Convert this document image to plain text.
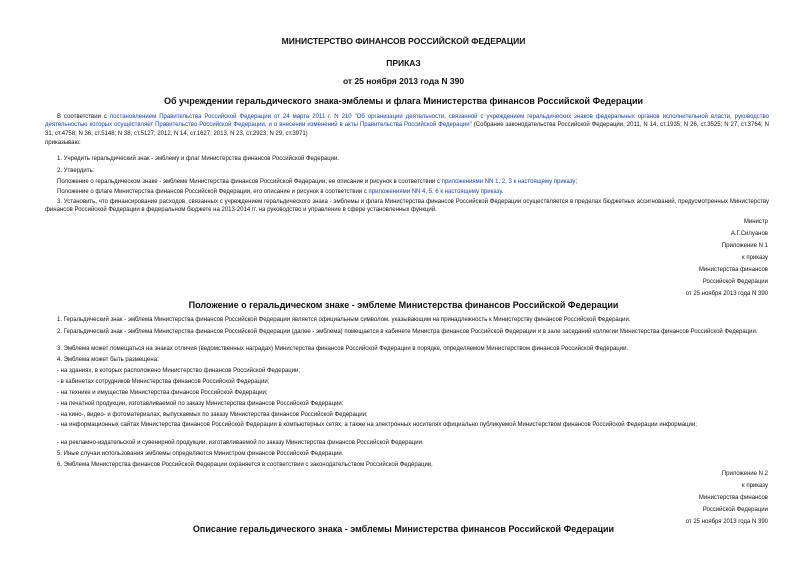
МИНИСТЕРСТВО ФИНАНСОВ РОССИЙСКОЙ ФЕДЕРАЦИИ
ПРИКАЗ
от 25 ноября 2013 года N 390
Об учреждении геральдического знака-эмблемы и флага Министерства финансов Российской Федерации
В соответствии с постановлением Правительства Российской Федерации от 24 марта 2011 г. N 210 "Об организации деятельности, связанной с учреждением геральдических знаков федеральных органов исполнительной власти, руководство деятельностью которых осуществляет Правительство Российской Федерации, и о внесении изменений в акты Правительства Российской Федерации" (Собрание законодательства Российской Федерации, 2011, N 14, ст.1935; N 26, ст.3525; N 27, ст.3764; N 31, ст.4758; N 36, ст.5148; N 38, ст.5127; 2012, N 14, ст.1627; 2013, N 23, ст.2923; N 29, ст.3971)
приказываю:
1. Учредить геральдический знак - эмблему и флаг Министерства финансов Российской Федерации.
2. Утвердить:
Положение о геральдическом знаке - эмблеме Министерства финансов Российской Федерации, ее описание и рисунок в соответствии с приложениями NN 1, 2, 3 к настоящему приказу;
Положение о флаге Министерства финансов Российской Федерации, его описание и рисунок в соответствии с приложениями NN 4, 5, 6 к настоящему приказу.
3. Установить, что финансирование расходов, связанных с учреждением геральдического знака - эмблемы и флага Министерства финансов Российской Федерации осуществляется в пределах бюджетных ассигнований, предусмотренных Министерству финансов Российской Федерации в федеральном бюджете на 2013-2014 гг. на руководство и управление в сфере установленных функций.
Министр
А.Г.Силуанов
Приложение N 1
к приказу
Министерства финансов
Российской Федерации
от 25 ноября 2013 года N 390
Положение о геральдическом знаке - эмблеме Министерства финансов Российской Федерации
1. Геральдический знак - эмблема Министерства финансов Российской Федерации является официальным символом, указывающим на принадлежность к Министерству финансов Российской Федерации.
2. Геральдический знак - эмблема Министерства финансов Российской Федерации (далее - эмблема) помещается в кабинете Министра финансов Российской Федерации и в зале заседаний коллегии Министерства финансов Российской Федерации.
3. Эмблема может помещаться на знаках отличия (ведомственных наградах) Министерства финансов Российской Федерации в порядке, определяемом Министерством финансов Российской Федерации.
4. Эмблема может быть размещена:
- на зданиях, в которых расположено Министерство финансов Российской Федерации;
- в кабинетах сотрудников Министерства финансов Российской Федерации;
- на технике и имуществе Министерства финансов Российской Федерации;
- на печатной продукции, изготавливаемой по заказу Министерства финансов Российской Федерации;
- на кино-, видео- и фотоматериалах, выпускаемых по заказу Министерства финансов Российской Федерации;
- на информационных сайтах Министерства финансов Российской Федерации в компьютерных сетях, а также на электронных носителях официально публикуемой Министерством финансов Российской Федерации информации;
- на рекламно-издательской и сувенирной продукции, изготавливаемой по заказу Министерства финансов Российской Федерации.
5. Иные случаи использования эмблемы определяются Министром финансов Российской Федерации.
6. Эмблема Министерства финансов Российской Федерации охраняется в соответствии с законодательством Российской Федерации.
Приложение N 2
к приказу
Министерства финансов
Российской Федерации
от 25 ноября 2013 года N 390
Описание геральдического знака - эмблемы Министерства финансов Российской Федерации
